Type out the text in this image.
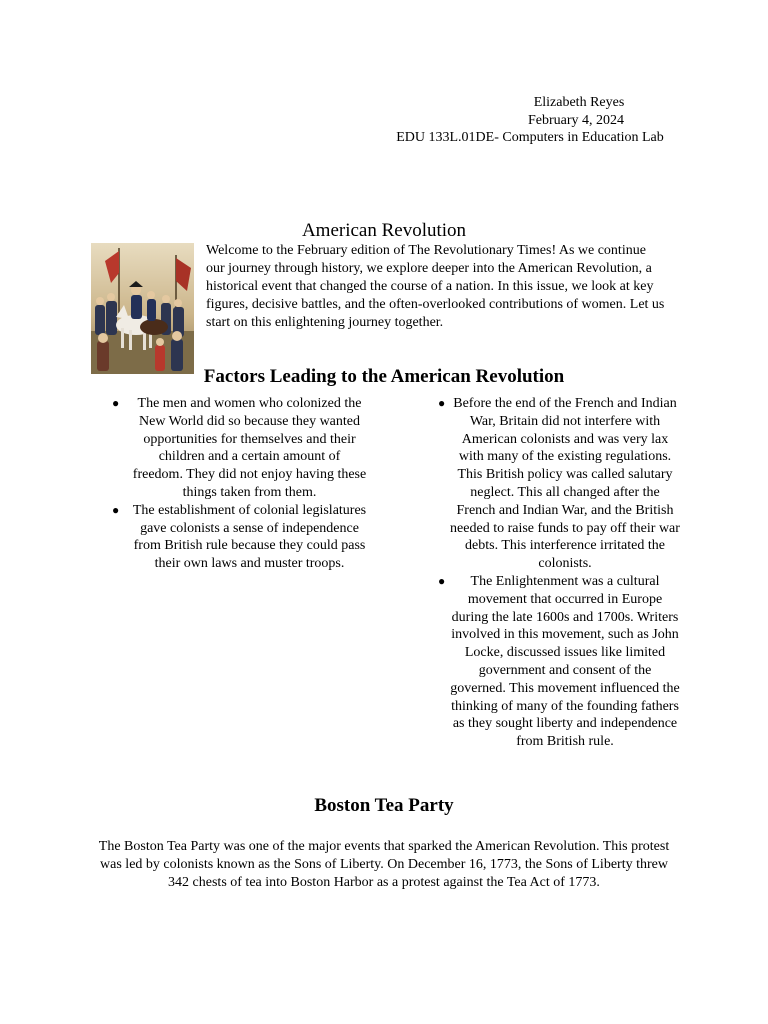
Elizabeth Reyes
February 4, 2024
EDU 133L.01DE- Computers in Education Lab
American Revolution
Welcome to the February edition of The Revolutionary Times! As we continue our journey through history, we explore deeper into the American Revolution, a historical event that changed the course of a nation. In this issue, we look at key figures, decisive battles, and the often-overlooked contributions of women. Let us start on this enlightening journey together.
Factors Leading to the American Revolution
●	The men and women who colonized the New World did so because they wanted opportunities for themselves and their children and a certain amount of freedom. They did not enjoy having these things taken from them.
● The establishment of colonial legislatures gave colonists a sense of independence from British rule because they could pass their own laws and muster troops.
● Before the end of the French and Indian War, Britain did not interfere with American colonists and was very lax with many of the existing regulations. This British policy was called salutary neglect. This all changed after the French and Indian War, and the British needed to raise funds to pay off their war debts. This interference irritated the colonists.
●	The Enlightenment was a cultural movement that occurred in Europe during the late 1600s and 1700s. Writers involved in this movement, such as John Locke, discussed issues like limited government and consent of the governed. This movement influenced the thinking of many of the founding fathers as they sought liberty and independence from British rule.
Boston Tea Party
The Boston Tea Party was one of the major events that sparked the American Revolution. This protest was led by colonists known as the Sons of Liberty. On December 16, 1773, the Sons of Liberty threw 342 chests of tea into Boston Harbor as a protest against the Tea Act of 1773.
